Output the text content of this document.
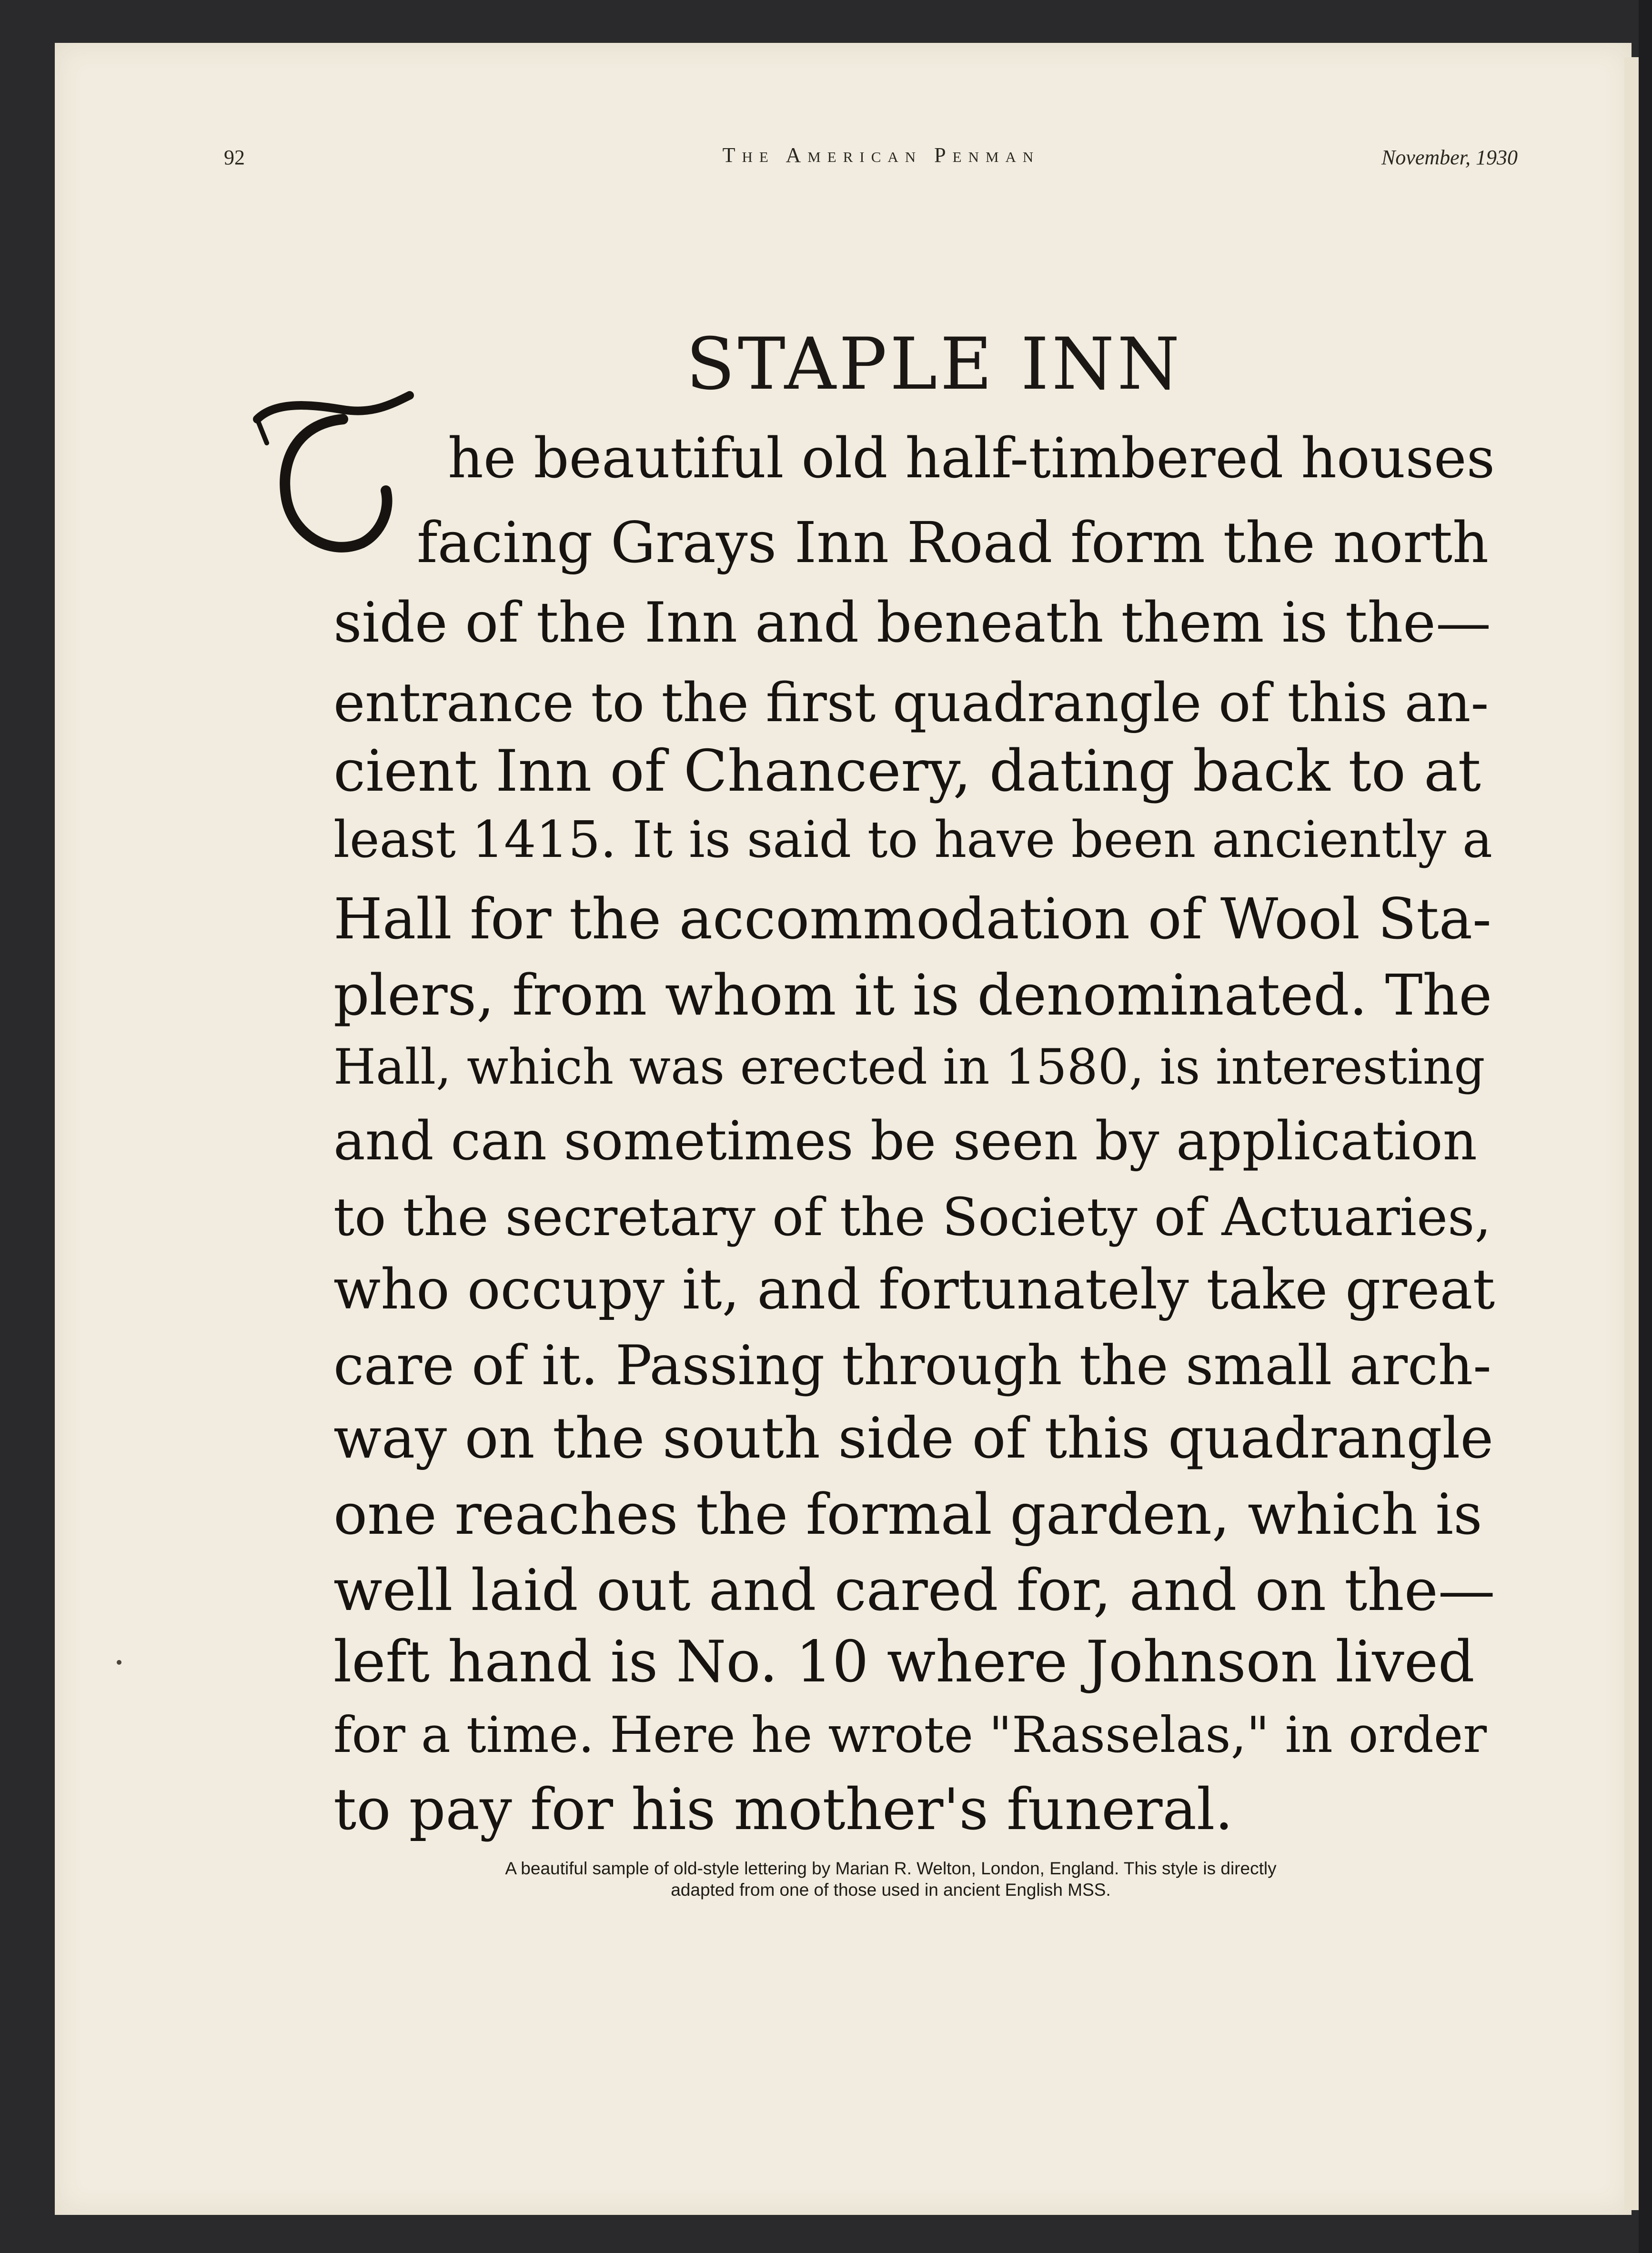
92	The American Penman	November, 1930
STAPLE INN
he beautiful old half-timbered houses
facing Grays Inn Road form the north
side of the Inn and beneath them is the—
entrance to the first quadrangle of this an-
cient Inn of Chancery, dating back to at
least 1415. It is said to have been anciently a
Hall for the accommodation of Wool Sta-
plers, from whom it is denominated. The
Hall, which was erected in 1580, is interesting
and can sometimes be seen by application
to the secretary of the Society of Actuaries,
who occupy it, and fortunately take great
care of it. Passing through the small arch-
way on the south side of this quadrangle
one reaches the formal garden, which is
well laid out and cared for, and on the—
left hand is No. 10 where Johnson lived
for a time. Here he wrote "Rasselas," in order
to pay for his mother's funeral.
A beautiful sample of old-style lettering by Marian R. Welton, London, England. This style is directly
adapted from one of those used in ancient English MSS.
